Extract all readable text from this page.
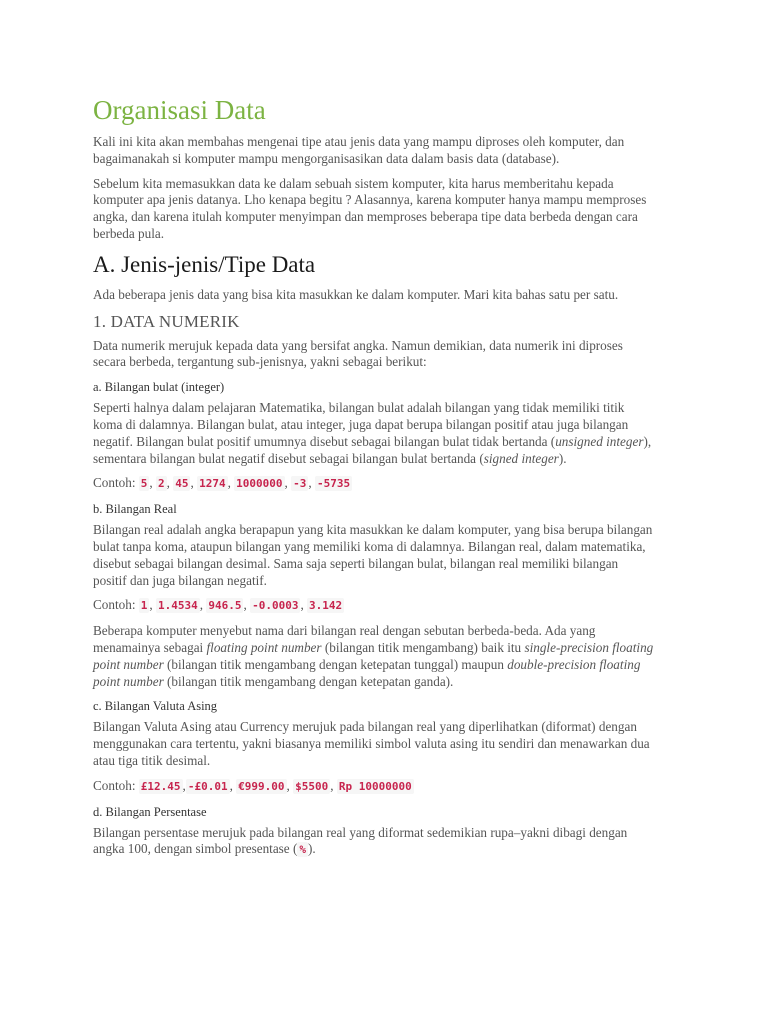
Organisasi Data

Kali ini kita akan membahas mengenai tipe atau jenis data yang mampu diproses oleh komputer, dan bagaimanakah si komputer mampu mengorganisasikan data dalam basis data (database).

Sebelum kita memasukkan data ke dalam sebuah sistem komputer, kita harus memberitahu kepada komputer apa jenis datanya. Lho kenapa begitu ? Alasannya, karena komputer hanya mampu memproses angka, dan karena itulah komputer menyimpan dan memproses beberapa tipe data berbeda dengan cara berbeda pula.

A. Jenis-jenis/Tipe Data

Ada beberapa jenis data yang bisa kita masukkan ke dalam komputer. Mari kita bahas satu per satu.

1. DATA NUMERIK

Data numerik merujuk kepada data yang bersifat angka. Namun demikian, data numerik ini diproses secara berbeda, tergantung sub-jenisnya, yakni sebagai berikut:

a. Bilangan bulat (integer)

Seperti halnya dalam pelajaran Matematika, bilangan bulat adalah bilangan yang tidak memiliki titik koma di dalamnya. Bilangan bulat, atau integer, juga dapat berupa bilangan positif atau juga bilangan negatif. Bilangan bulat positif umumnya disebut sebagai bilangan bulat tidak bertanda (unsigned integer), sementara bilangan bulat negatif disebut sebagai bilangan bulat bertanda (signed integer).

Contoh: 5 , 2 , 45 , 1274 , 1000000 , -3 , -5735

b. Bilangan Real

Bilangan real adalah angka berapapun yang kita masukkan ke dalam komputer, yang bisa berupa bilangan bulat tanpa koma, ataupun bilangan yang memiliki koma di dalamnya. Bilangan real, dalam matematika, disebut sebagai bilangan desimal. Sama saja seperti bilangan bulat, bilangan real memiliki bilangan positif dan juga bilangan negatif.

Contoh: 1 , 1.4534 , 946.5 , -0.0003 , 3.142

Beberapa komputer menyebut nama dari bilangan real dengan sebutan berbeda-beda. Ada yang menamainya sebagai floating point number (bilangan titik mengambang) baik itu single-precision floating point number (bilangan titik mengambang dengan ketepatan tunggal) maupun double-precision floating point number (bilangan titik mengambang dengan ketepatan ganda).

c. Bilangan Valuta Asing

Bilangan Valuta Asing atau Currency merujuk pada bilangan real yang diperlihatkan (diformat) dengan menggunakan cara tertentu, yakni biasanya memiliki simbol valuta asing itu sendiri dan menawarkan dua atau tiga titik desimal.

Contoh: £12.45 , -£0.01 , €999.00 , $5500 , Rp 10000000

d. Bilangan Persentase

Bilangan persentase merujuk pada bilangan real yang diformat sedemikian rupa–yakni dibagi dengan angka 100, dengan simbol presentase ( % ).
